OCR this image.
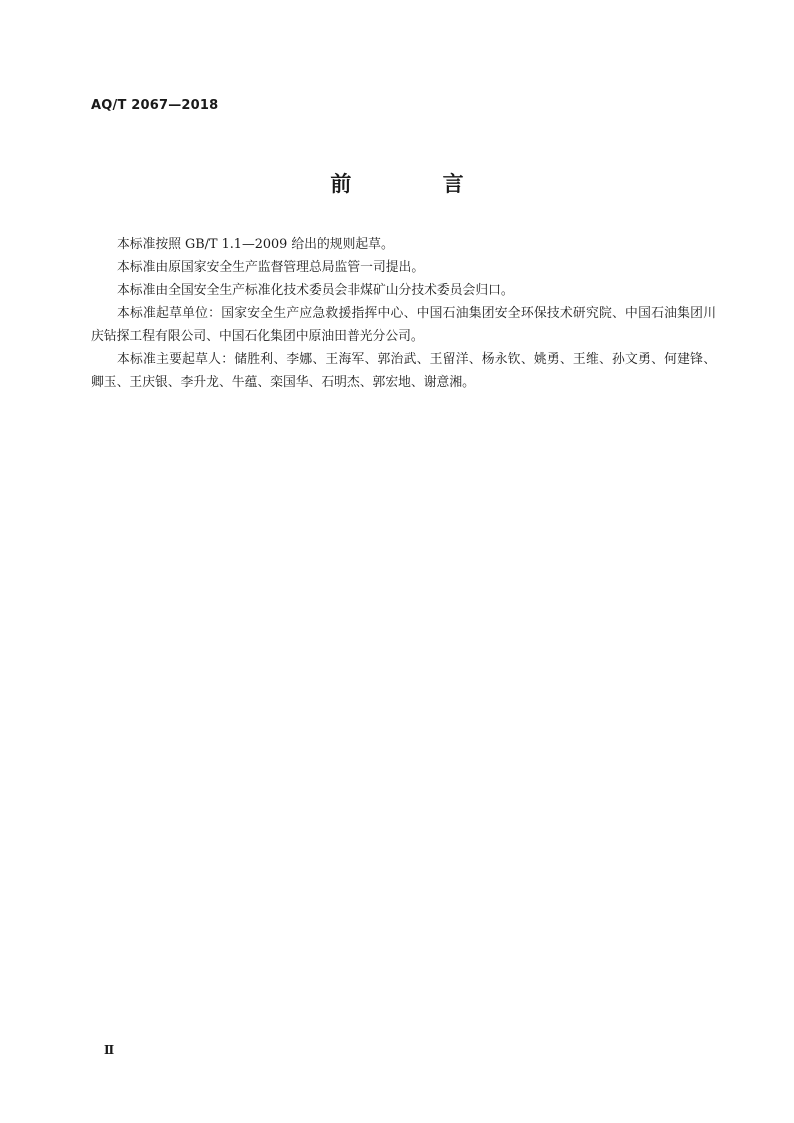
AQ/T 2067—2018
前 言

本标准按照 GB/T 1.1—2009 给出的规则起草。

本标准由原国家安全生产监督管理总局监管一司提出。

本标准由全国安全生产标准化技术委员会非煤矿山分技术委员会归口。

本标准起草单位：国家安全生产应急救援指挥中心、中国石油集团安全环保技术研究院、中国石油集团川庆钻探工程有限公司、中国石化集团中原油田普光分公司。

本标准主要起草人：储胜利、李娜、王海军、郭治武、王留洋、杨永钦、姚勇、王维、孙文勇、何建锋、卿玉、王庆银、李升龙、牛蕴、栾国华、石明杰、郭宏地、谢意湘。

Ⅱ
